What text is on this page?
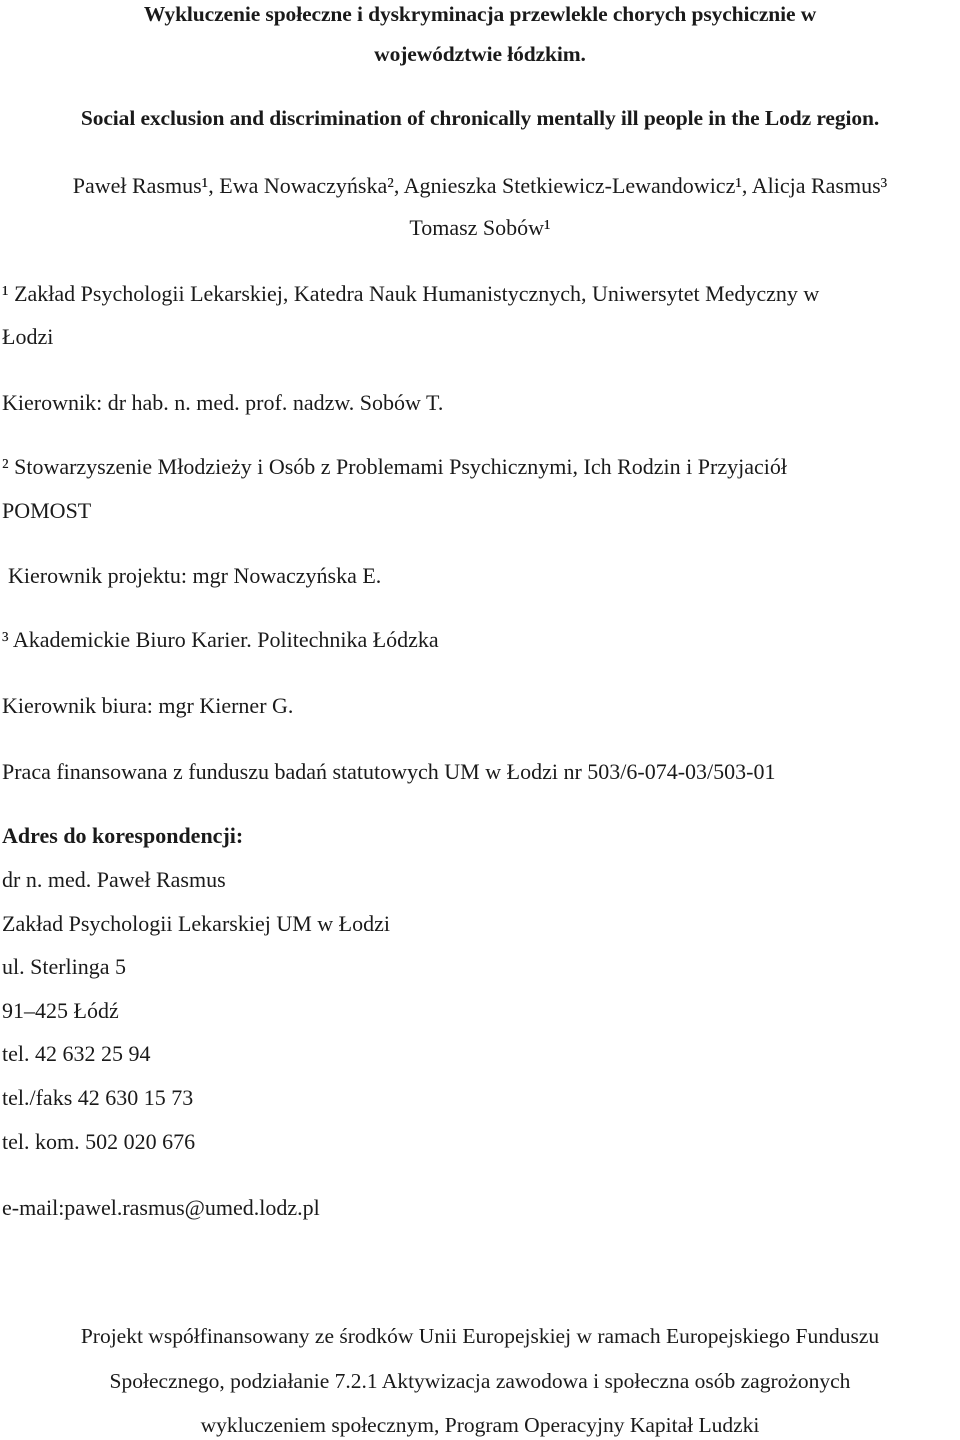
Wykluczenie społeczne i dyskryminacja przewlekle chorych psychicznie w
województwie łódzkim.
Social exclusion and discrimination of chronically mentally ill people in the Lodz region.
Paweł Rasmus¹, Ewa Nowaczyńska², Agnieszka Stetkiewicz-Lewandowicz¹, Alicja Rasmus³
Tomasz Sobów¹
¹ Zakład Psychologii Lekarskiej, Katedra Nauk Humanistycznych, Uniwersytet Medyczny w
Łodzi
Kierownik: dr hab. n. med. prof. nadzw. Sobów T.
² Stowarzyszenie Młodzieży i Osób z Problemami Psychicznymi, Ich Rodzin i Przyjaciół
POMOST
Kierownik projektu: mgr Nowaczyńska E.
³ Akademickie Biuro Karier. Politechnika Łódzka
Kierownik biura: mgr Kierner G.
Praca finansowana z funduszu badań statutowych UM w Łodzi nr 503/6-074-03/503-01
Adres do korespondencji:
dr n. med. Paweł Rasmus
Zakład Psychologii Lekarskiej UM w Łodzi
ul. Sterlinga 5
91–425 Łódź
tel. 42 632 25 94
tel./faks 42 630 15 73
tel. kom. 502 020 676
e-mail:pawel.rasmus@umed.lodz.pl
Projekt współfinansowany ze środków Unii Europejskiej w ramach Europejskiego Funduszu
Społecznego, podziałanie 7.2.1 Aktywizacja zawodowa i społeczna osób zagrożonych
wykluczeniem społecznym, Program Operacyjny Kapitał Ludzki
